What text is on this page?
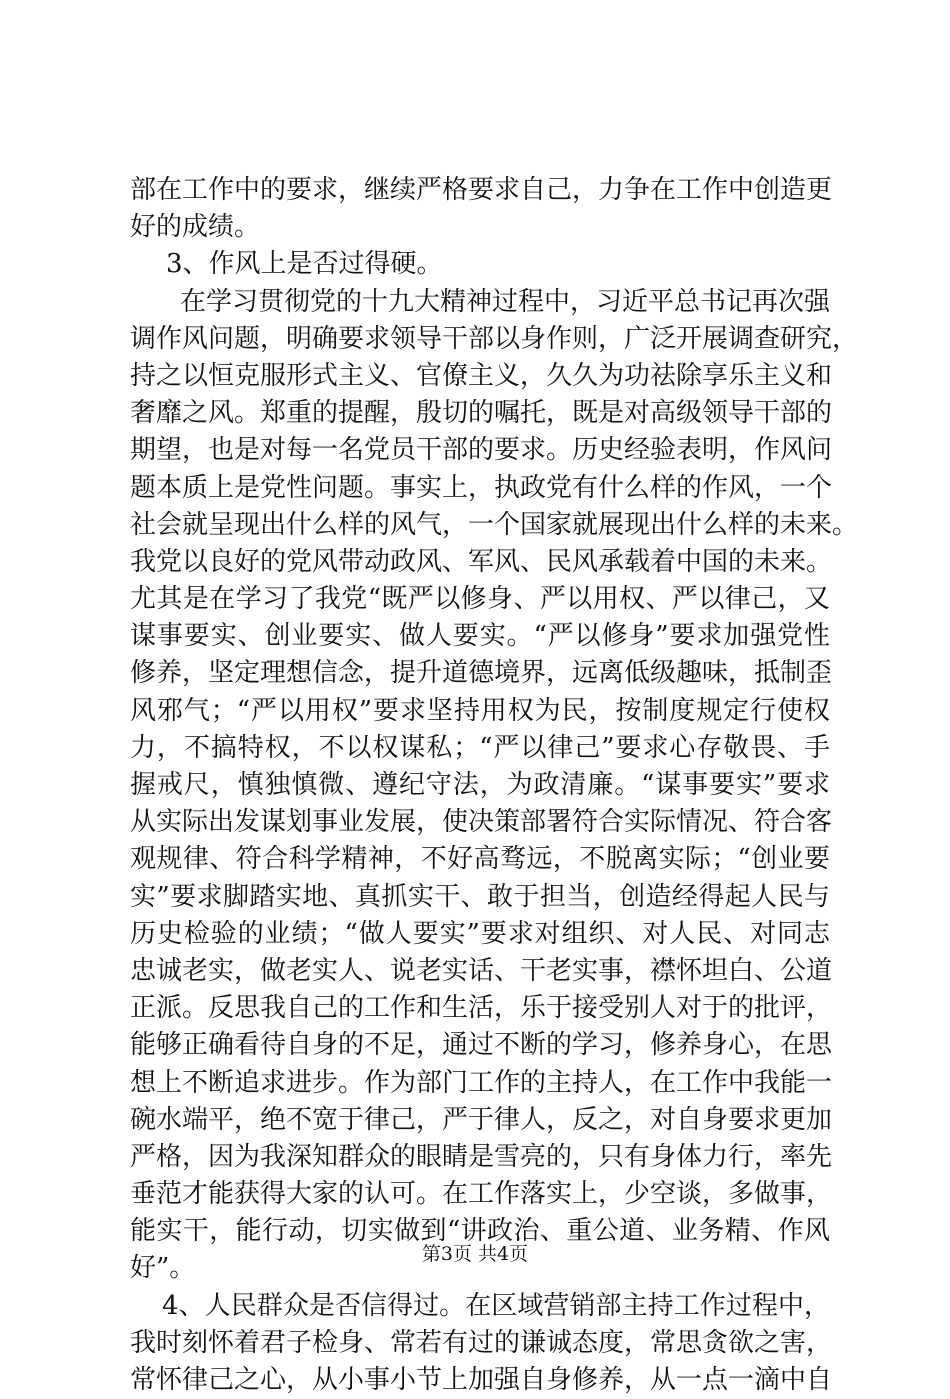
部在工作中的要求，继续严格要求自己，力争在工作中创造更
好的成绩。
3、作风上是否过得硬。
在学习贯彻党的十九大精神过程中，习近平总书记再次强
调作风问题，明确要求领导干部以身作则，广泛开展调查研究，
持之以恒克服形式主义、官僚主义，久久为功祛除享乐主义和
奢靡之风。郑重的提醒，殷切的嘱托，既是对高级领导干部的
期望，也是对每一名党员干部的要求。历史经验表明，作风问
题本质上是党性问题。事实上，执政党有什么样的作风，一个
社会就呈现出什么样的风气，一个国家就展现出什么样的未来。
我党以良好的党风带动政风、军风、民风承载着中国的未来。
尤其是在学习了我党“既严以修身、严以用权、严以律己，又
谋事要实、创业要实、做人要实。“严以修身”要求加强党性
修养，坚定理想信念，提升道德境界，远离低级趣味，抵制歪
风邪气；“严以用权”要求坚持用权为民，按制度规定行使权
力，不搞特权，不以权谋私；“严以律己”要求心存敬畏、手
握戒尺，慎独慎微、遵纪守法，为政清廉。“谋事要实”要求
从实际出发谋划事业发展，使决策部署符合实际情况、符合客
观规律、符合科学精神，不好高骛远，不脱离实际；“创业要
实”要求脚踏实地、真抓实干、敢于担当，创造经得起人民与
历史检验的业绩；“做人要实”要求对组织、对人民、对同志
忠诚老实，做老实人、说老实话、干老实事，襟怀坦白、公道
正派。反思我自己的工作和生活，乐于接受别人对于的批评，
能够正确看待自身的不足，通过不断的学习，修养身心，在思
想上不断追求进步。作为部门工作的主持人，在工作中我能一
碗水端平，绝不宽于律己，严于律人，反之，对自身要求更加
严格，因为我深知群众的眼睛是雪亮的，只有身体力行，率先
垂范才能获得大家的认可。在工作落实上，少空谈，多做事，
能实干，能行动，切实做到“讲政治、重公道、业务精、作风
好”。
4、人民群众是否信得过。在区域营销部主持工作过程中，
我时刻怀着君子检身、常若有过的谦诚态度，常思贪欲之害，
常怀律己之心，从小事小节上加强自身修养，从一点一滴中自
第3页 共4页
